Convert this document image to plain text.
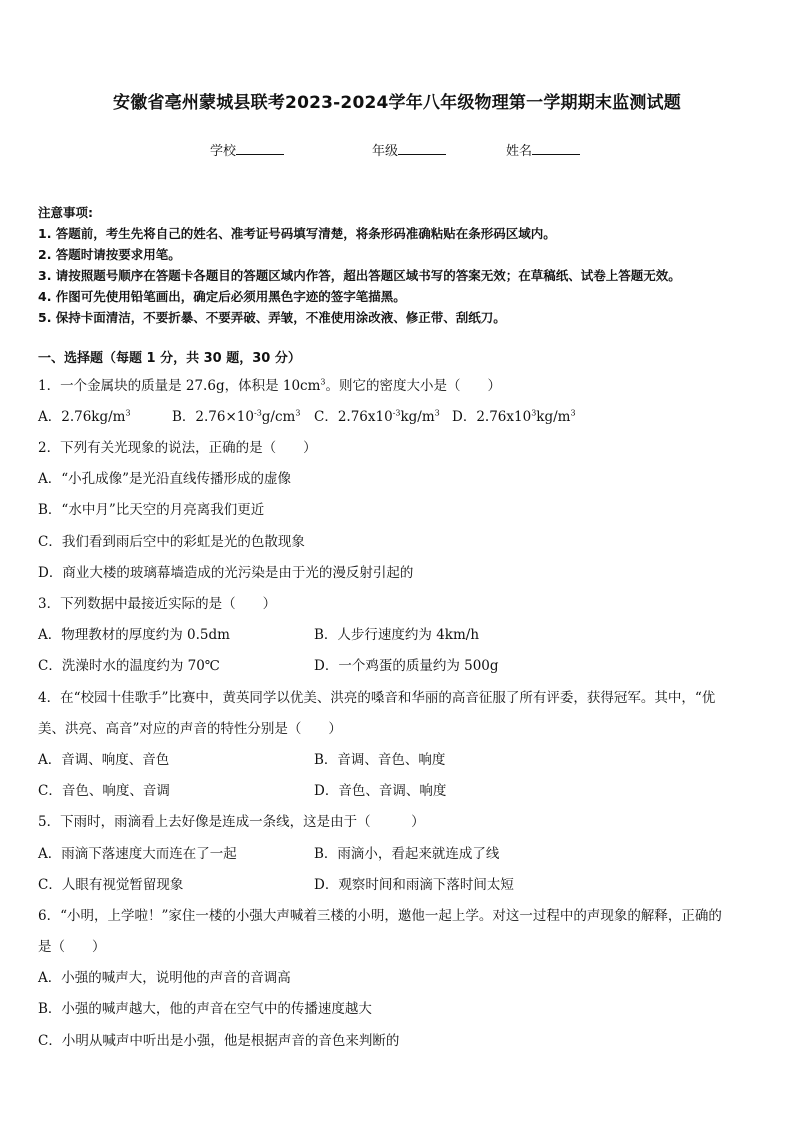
安徽省亳州蒙城县联考2023-2024学年八年级物理第一学期期末监测试题
学校	年级	姓名
注意事项:
1. 答题前，考生先将自己的姓名、准考证号码填写清楚，将条形码准确粘贴在条形码区域内。
2. 答题时请按要求用笔。
3. 请按照题号顺序在答题卡各题目的答题区域内作答，超出答题区域书写的答案无效；在草稿纸、试卷上答题无效。
4. 作图可先使用铅笔画出，确定后必须用黑色字迹的签字笔描黑。
5. 保持卡面清洁，不要折暴、不要弄破、弄皱，不准使用涂改液、修正带、刮纸刀。
一、选择题（每题 1 分，共 30 题，30 分）
1．一个金属块的质量是 27.6g，体积是 $10cm^3$。则它的密度大小是（　　）
A．$2.76kg/m^3$	B．$2.76\times 10^{-3}g/cm^3$ C．$2.76x10^{-3}kg/m^3$ D．$2.76x10^3kg/m^3$
2．下列有关光现象的说法，正确的是（　　）
A．“小孔成像”是光沿直线传播形成的虚像
B．“水中月”比天空的月亮离我们更近
C．我们看到雨后空中的彩虹是光的色散现象
D．商业大楼的玻璃幕墙造成的光污染是由于光的漫反射引起的
3．下列数据中最接近实际的是（　　）
A．物理教材的厚度约为 0.5dm	B．人步行速度约为 4km/h
C．洗澡时水的温度约为 70℃	D．一个鸡蛋的质量约为 500g
4．在“校园十佳歌手”比赛中，黄英同学以优美、洪亮的嗓音和华丽的高音征服了所有评委，获得冠军。其中，“优
美、洪亮、高音”对应的声音的特性分别是（　　）
A．音调、响度、音色	B．音调、音色、响度
C．音色、响度、音调	D．音色、音调、响度
5．下雨时，雨滴看上去好像是连成一条线，这是由于（　　　）
A．雨滴下落速度大而连在了一起	B．雨滴小，看起来就连成了线
C．人眼有视觉暂留现象	D．观察时间和雨滴下落时间太短
6．“小明，上学啦！”家住一楼的小强大声喊着三楼的小明，邀他一起上学。对这一过程中的声现象的解释，正确的
是（　　）
A．小强的喊声大，说明他的声音的音调高
B．小强的喊声越大，他的声音在空气中的传播速度越大
C．小明从喊声中听出是小强，他是根据声音的音色来判断的
